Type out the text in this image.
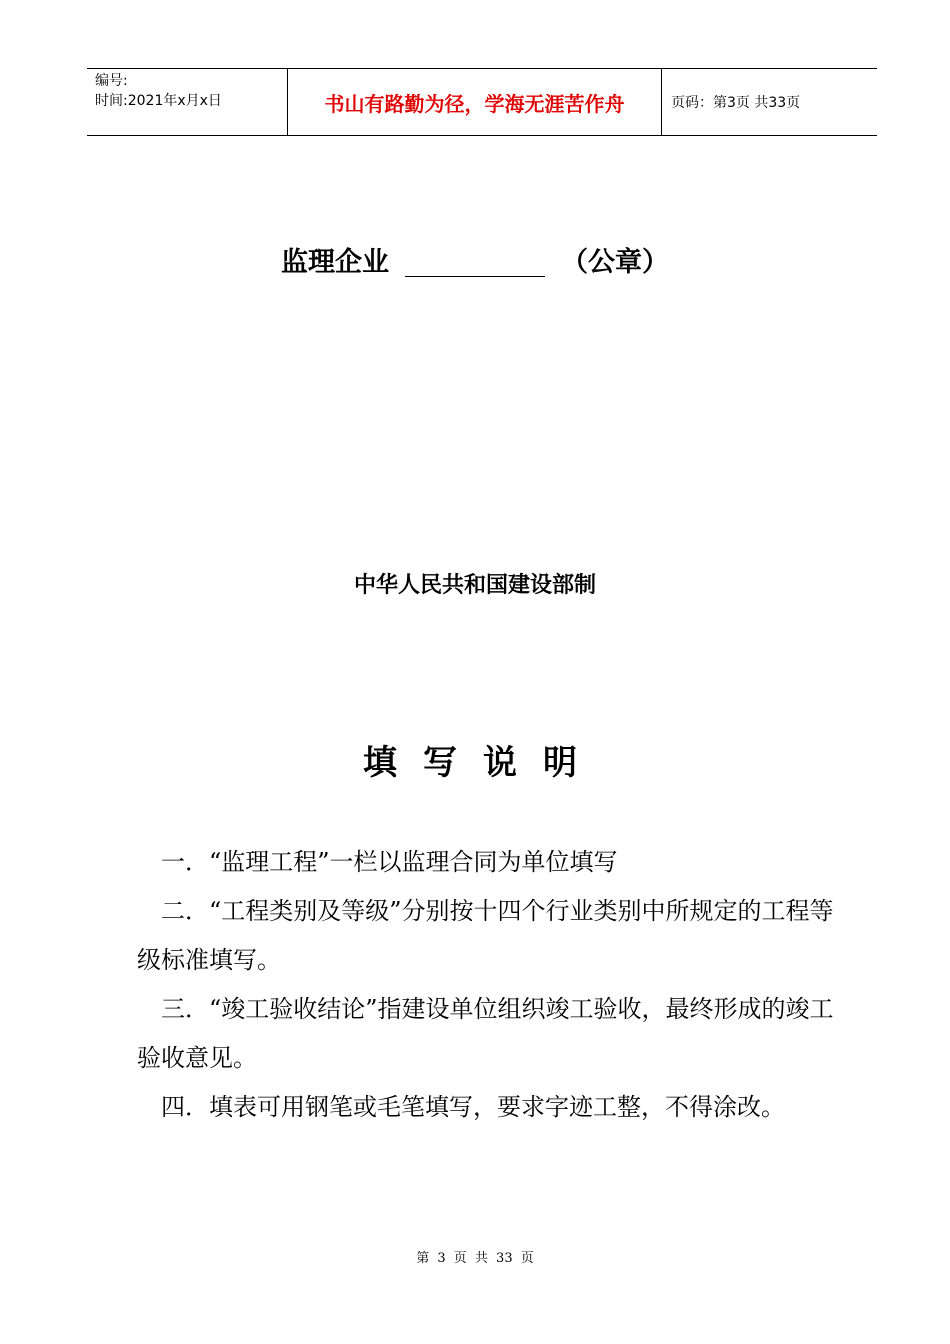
编号:
时间:2021年x月x日	书山有路勤为径，学海无涯苦作舟	页码：第3页 共33页
监理企业	（公章）
中华人民共和国建设部制
填写说明

一．“监理工程”一栏以监理合同为单位填写

二．“工程类别及等级”分别按十四个行业类别中所规定的工程等级标准填写。

三．“竣工验收结论”指建设单位组织竣工验收，最终形成的竣工验收意见。

四．填表可用钢笔或毛笔填写，要求字迹工整，不得涂改。

第 3 页 共 33 页
